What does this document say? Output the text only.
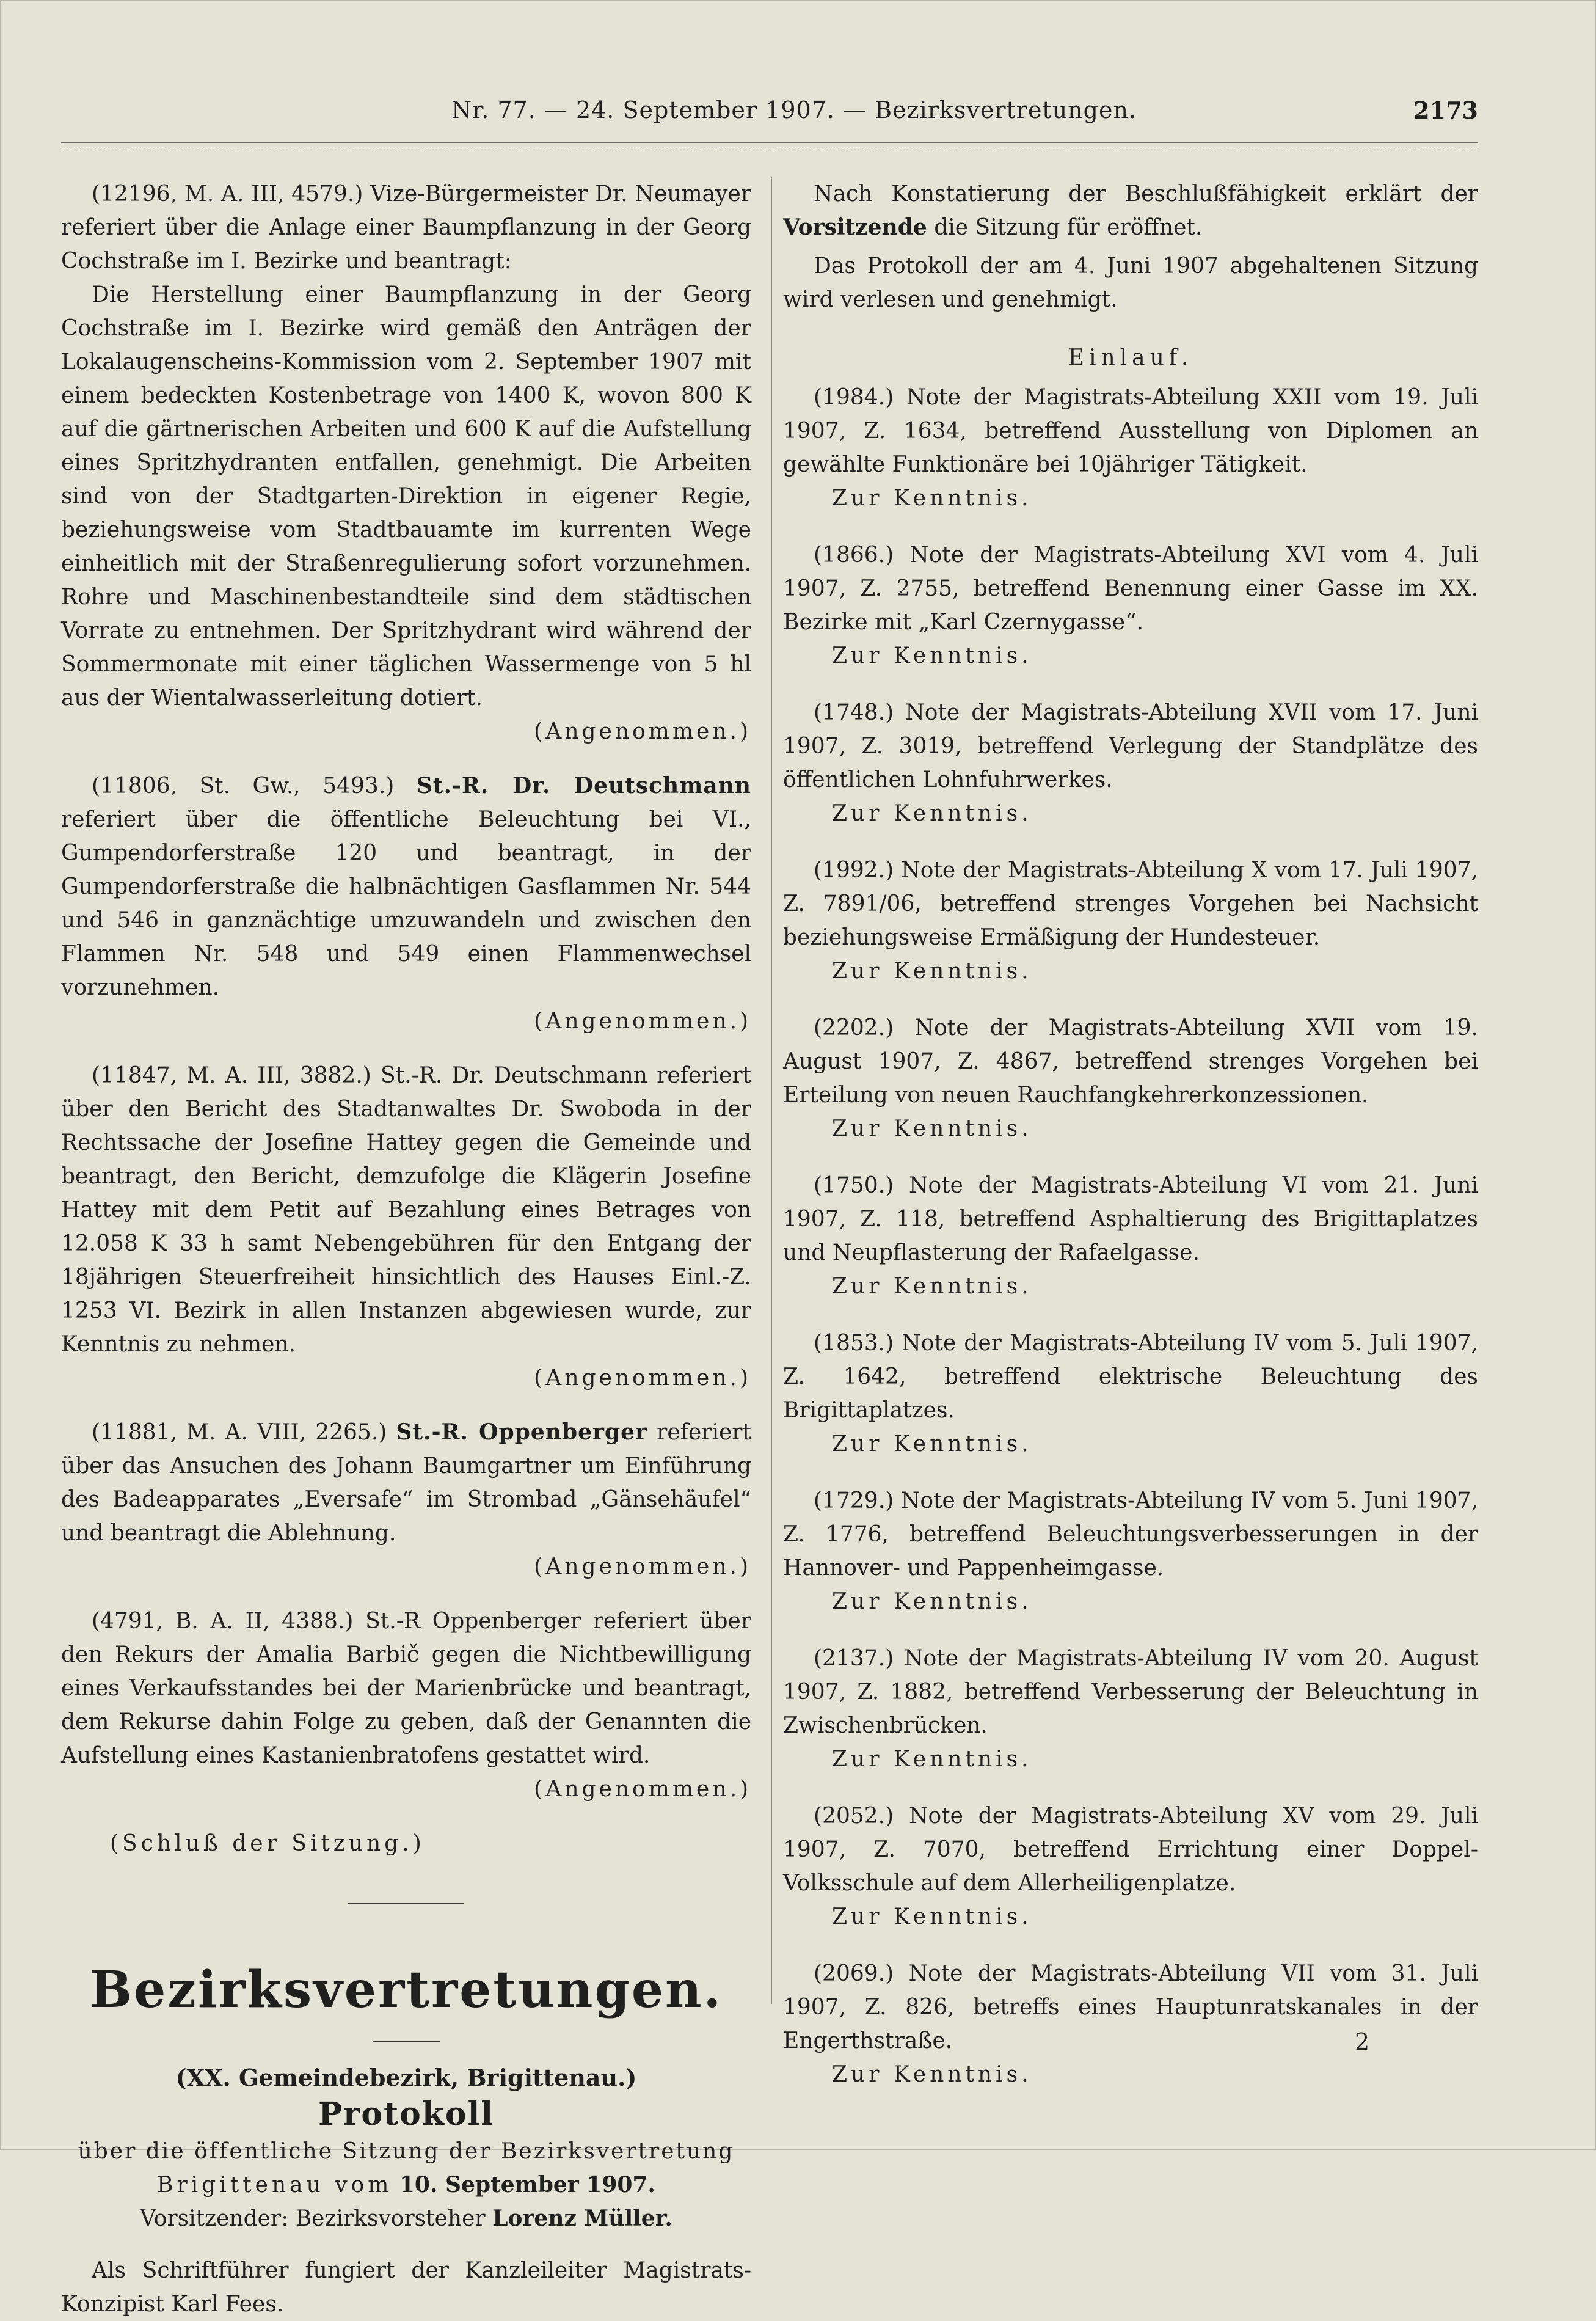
Nr. 77. — 24. September 1907. — Bezirksvertretungen.	2173

(12196, M. A. III, 4579.) Vize-Bürgermeister Dr. Neumayer referiert über die Anlage einer Baumpflanzung in der Georg Cochstraße im I. Bezirke und beantragt:

Die Herstellung einer Baumpflanzung in der Georg Cochstraße im I. Bezirke wird gemäß den Anträgen der Lokalaugenscheins-Kommission vom 2. September 1907 mit einem bedeckten Kostenbetrage von 1400 K, wovon 800 K auf die gärtnerischen Arbeiten und 600 K auf die Aufstellung eines Spritzhydranten entfallen, genehmigt. Die Arbeiten sind von der Stadtgarten-Direktion in eigener Regie, beziehungsweise vom Stadtbauamte im kurrenten Wege einheitlich mit der Straßenregulierung sofort vorzunehmen. Rohre und Maschinenbestandteile sind dem städtischen Vorrate zu entnehmen. Der Spritzhydrant wird während der Sommermonate mit einer täglichen Wassermenge von 5 hl aus der Wientalwasserleitung dotiert.

(Angenommen.)

(11806, St. Gw., 5493.) St.-R. Dr. Deutschmann referiert über die öffentliche Beleuchtung bei VI., Gumpendorferstraße 120 und beantragt, in der Gumpendorferstraße die halbnächtigen Gasflammen Nr. 544 und 546 in ganznächtige umzuwandeln und zwischen den Flammen Nr. 548 und 549 einen Flammenwechsel vorzunehmen.

(Angenommen.)

(11847, M. A. III, 3882.) St.-R. Dr. Deutschmann referiert über den Bericht des Stadtanwaltes Dr. Swoboda in der Rechtssache der Josefine Hattey gegen die Gemeinde und beantragt, den Bericht, demzufolge die Klägerin Josefine Hattey mit dem Petit auf Bezahlung eines Betrages von 12.058 K 33 h samt Nebengebühren für den Entgang der 18jährigen Steuerfreiheit hinsichtlich des Hauses Einl.-Z. 1253 VI. Bezirk in allen Instanzen abgewiesen wurde, zur Kenntnis zu nehmen.

(Angenommen.)

(11881, M. A. VIII, 2265.) St.-R. Oppenberger referiert über das Ansuchen des Johann Baumgartner um Einführung des Badeapparates „Eversafe“ im Strombad „Gänsehäufel“ und beantragt die Ablehnung.

(Angenommen.)

(4791, B. A. II, 4388.) St.-R Oppenberger referiert über den Rekurs der Amalia Barbič gegen die Nichtbewilligung eines Verkaufsstandes bei der Marienbrücke und beantragt, dem Rekurse dahin Folge zu geben, daß der Genannten die Aufstellung eines Kastanienbratofens gestattet wird.

(Angenommen.)

(Schluß der Sitzung.)

Bezirksvertretungen.
(XX. Gemeindebezirk, Brigittenau.)
Protokoll
über die öffentliche Sitzung der Bezirksvertretung
Brigittenau vom 10. September 1907.
Vorsitzender: Bezirksvorsteher Lorenz Müller.

Als Schriftführer fungiert der Kanzleileiter Magistrats-Konzipist Karl Fees.

Nach Konstatierung der Beschlußfähigkeit erklärt der Vorsitzende die Sitzung für eröffnet.

Das Protokoll der am 4. Juni 1907 abgehaltenen Sitzung wird verlesen und genehmigt.

Einlauf.

(1984.) Note der Magistrats-Abteilung XXII vom 19. Juli 1907, Z. 1634, betreffend Ausstellung von Diplomen an gewählte Funktionäre bei 10jähriger Tätigkeit.

Zur Kenntnis.

(1866.) Note der Magistrats-Abteilung XVI vom 4. Juli 1907, Z. 2755, betreffend Benennung einer Gasse im XX. Bezirke mit „Karl Czernygasse“.

Zur Kenntnis.

(1748.) Note der Magistrats-Abteilung XVII vom 17. Juni 1907, Z. 3019, betreffend Verlegung der Standplätze des öffentlichen Lohnfuhrwerkes.

Zur Kenntnis.

(1992.) Note der Magistrats-Abteilung X vom 17. Juli 1907, Z. 7891/06, betreffend strenges Vorgehen bei Nachsicht beziehungsweise Ermäßigung der Hundesteuer.

Zur Kenntnis.

(2202.) Note der Magistrats-Abteilung XVII vom 19. August 1907, Z. 4867, betreffend strenges Vorgehen bei Erteilung von neuen Rauchfangkehrerkonzessionen.

Zur Kenntnis.

(1750.) Note der Magistrats-Abteilung VI vom 21. Juni 1907, Z. 118, betreffend Asphaltierung des Brigittaplatzes und Neupflasterung der Rafaelgasse.

Zur Kenntnis.

(1853.) Note der Magistrats-Abteilung IV vom 5. Juli 1907, Z. 1642, betreffend elektrische Beleuchtung des Brigittaplatzes.

Zur Kenntnis.

(1729.) Note der Magistrats-Abteilung IV vom 5. Juni 1907, Z. 1776, betreffend Beleuchtungsverbesserungen in der Hannover- und Pappenheimgasse.

Zur Kenntnis.

(2137.) Note der Magistrats-Abteilung IV vom 20. August 1907, Z. 1882, betreffend Verbesserung der Beleuchtung in Zwischenbrücken.

Zur Kenntnis.

(2052.) Note der Magistrats-Abteilung XV vom 29. Juli 1907, Z. 7070, betreffend Errichtung einer Doppel-Volksschule auf dem Allerheiligenplatze.

Zur Kenntnis.

(2069.) Note der Magistrats-Abteilung VII vom 31. Juli 1907, Z. 826, betreffs eines Hauptunratskanales in der Engerthstraße.

Zur Kenntnis.

2
